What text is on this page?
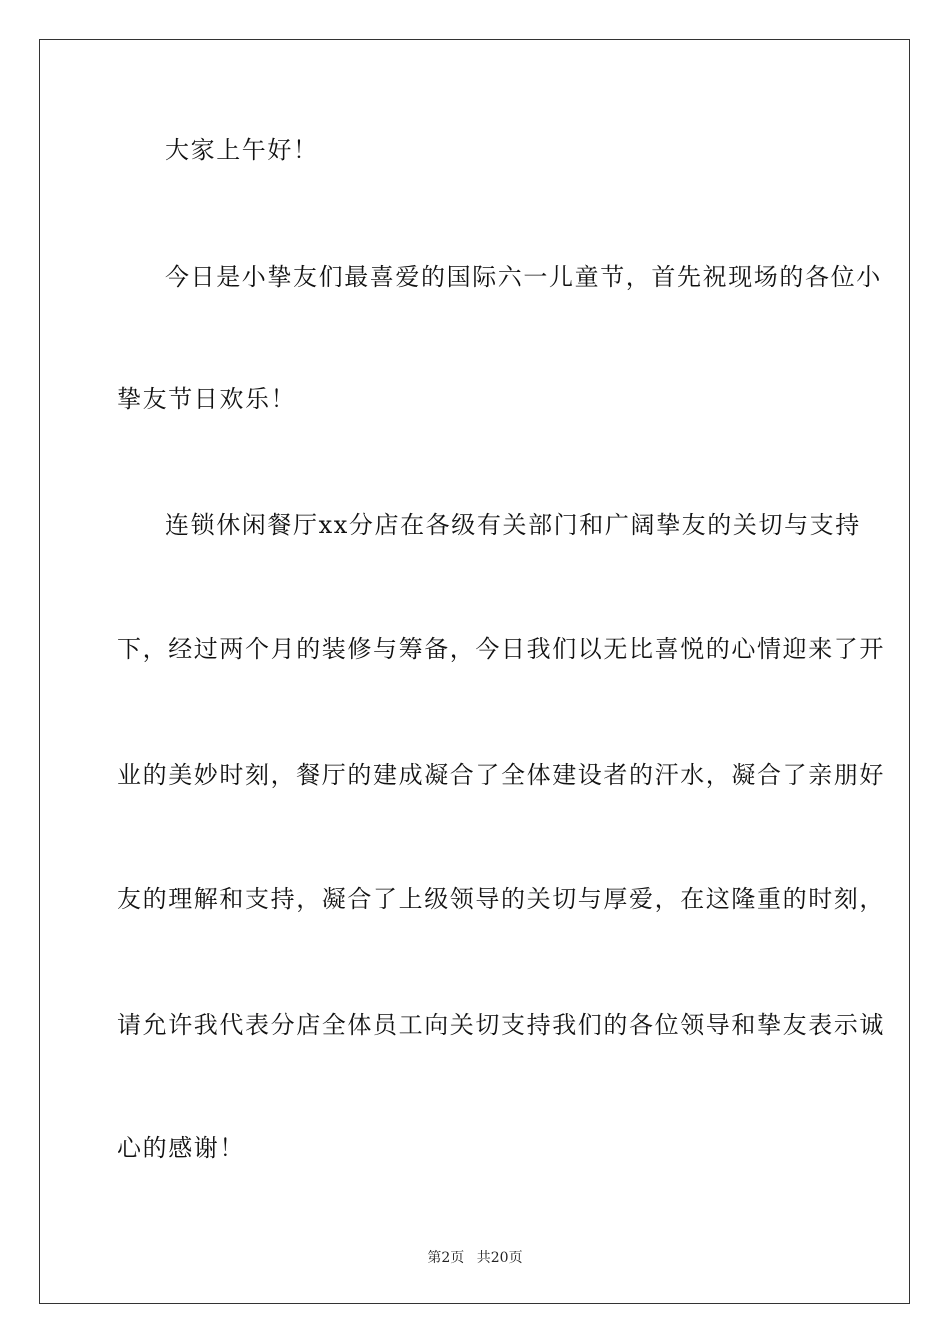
大家上午好！
今日是小挚友们最喜爱的国际六一儿童节，首先祝现场的各位小
挚友节日欢乐！
连锁休闲餐厅xx分店在各级有关部门和广阔挚友的关切与支持
下，经过两个月的装修与筹备，今日我们以无比喜悦的心情迎来了开
业的美妙时刻，餐厅的建成凝合了全体建设者的汗水，凝合了亲朋好
友的理解和支持，凝合了上级领导的关切与厚爱，在这隆重的时刻，
请允许我代表分店全体员工向关切支持我们的各位领导和挚友表示诚
心的感谢！
第2页 共20页
